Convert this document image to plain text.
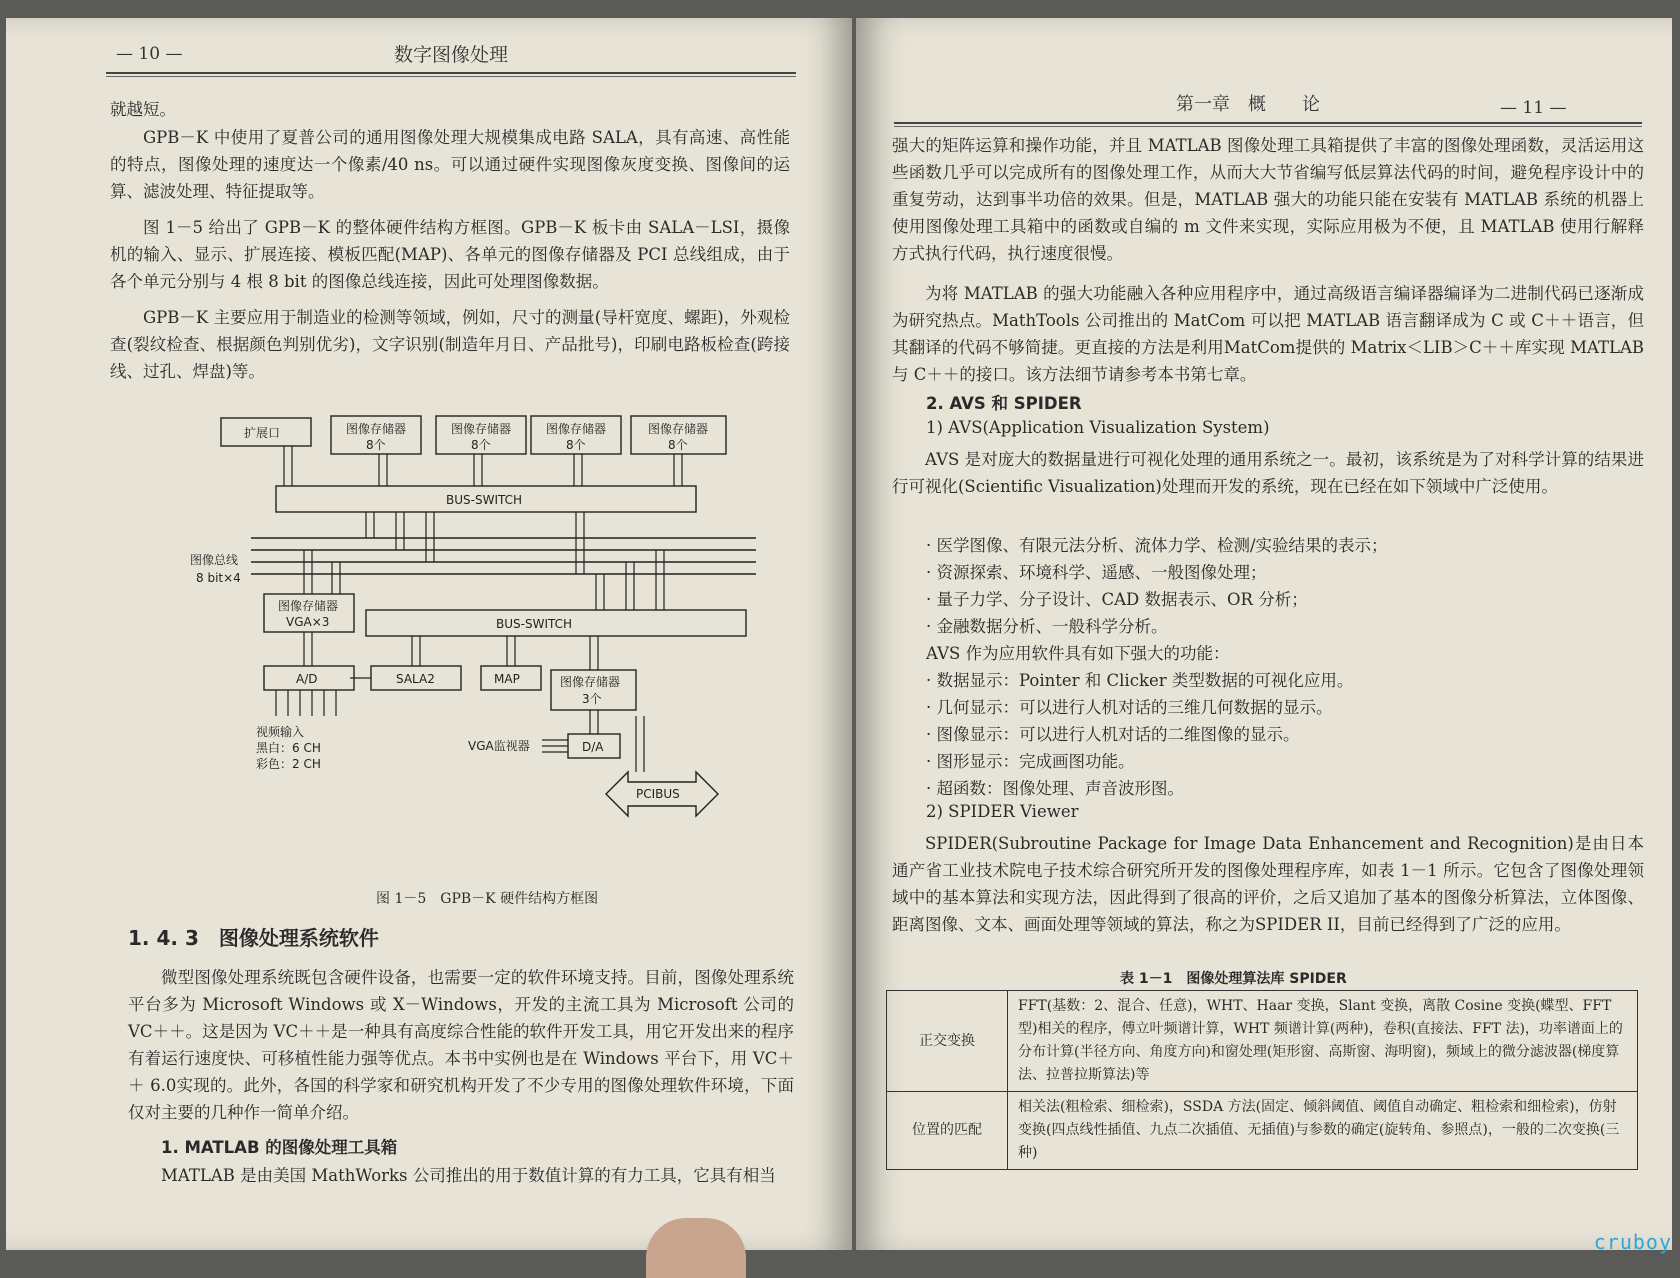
— 10 —	数字图像处理

就越短。

GPB－K 中使用了夏普公司的通用图像处理大规模集成电路 SALA，具有高速、高性能的特点，图像处理的速度达一个像素/40 ns。可以通过硬件实现图像灰度变换、图像间的运算、滤波处理、特征提取等。

图 1－5 给出了 GPB－K 的整体硬件结构方框图。GPB－K 板卡由 SALA－LSI，摄像机的输入、显示、扩展连接、模板匹配(MAP)、各单元的图像存储器及 PCI 总线组成，由于各个单元分别与 4 根 8 bit 的图像总线连接，因此可处理图像数据。

GPB－K 主要应用于制造业的检测等领域，例如，尺寸的测量(导杆宽度、螺距)，外观检查(裂纹检查、根据颜色判别优劣)，文字识别(制造年月日、产品批号)，印刷电路板检查(跨接线、过孔、焊盘)等。

扩展口	图像存储器
8个
图像存储器
8个
图像存储器
8个
图像存储器
8个
BUS-SWITCH
图像总线
8 bit×4
图像存储器
VGA×3	BUS-SWITCH
A/D	SALA2	MAP	图像存储器
3个
视频输入
黑白：6 CH
彩色：2 CH
VGA监视器	D/A
PCIBUS
图 1－5　GPB－K 硬件结构方框图
1. 4. 3　图像处理系统软件

微型图像处理系统既包含硬件设备，也需要一定的软件环境支持。目前，图像处理系统平台多为 Microsoft Windows 或 X－Windows，开发的主流工具为 Microsoft 公司的 VC＋＋。这是因为 VC＋＋是一种具有高度综合性能的软件开发工具，用它开发出来的程序有着运行速度快、可移植性能力强等优点。本书中实例也是在 Windows 平台下，用 VC＋＋ 6.0实现的。此外，各国的科学家和研究机构开发了不少专用的图像处理软件环境，下面仅对主要的几种作一简单介绍。

1. MATLAB 的图像处理工具箱

MATLAB 是由美国 MathWorks 公司推出的用于数值计算的有力工具，它具有相当

第一章　概　　论	— 11 —

强大的矩阵运算和操作功能，并且 MATLAB 图像处理工具箱提供了丰富的图像处理函数，灵活运用这些函数几乎可以完成所有的图像处理工作，从而大大节省编写低层算法代码的时间，避免程序设计中的重复劳动，达到事半功倍的效果。但是，MATLAB 强大的功能只能在安装有 MATLAB 系统的机器上使用图像处理工具箱中的函数或自编的 m 文件来实现，实际应用极为不便，且 MATLAB 使用行解释方式执行代码，执行速度很慢。

为将 MATLAB 的强大功能融入各种应用程序中，通过高级语言编译器编译为二进制代码已逐渐成为研究热点。MathTools 公司推出的 MatCom 可以把 MATLAB 语言翻译成为 C 或 C＋＋语言，但其翻译的代码不够简捷。更直接的方法是利用MatCom提供的 Matrix＜LIB＞C＋＋库实现 MATLAB 与 C＋＋的接口。该方法细节请参考本书第七章。

2. AVS 和 SPIDER

1) AVS(Application Visualization System)

AVS 是对庞大的数据量进行可视化处理的通用系统之一。最初，该系统是为了对科学计算的结果进行可视化(Scientific Visualization)处理而开发的系统，现在已经在如下领域中广泛使用。

· 医学图像、有限元法分析、流体力学、检测/实验结果的表示；

· 资源探索、环境科学、遥感、一般图像处理；

· 量子力学、分子设计、CAD 数据表示、OR 分析；

· 金融数据分析、一般科学分析。

AVS 作为应用软件具有如下强大的功能：

· 数据显示：Pointer 和 Clicker 类型数据的可视化应用。

· 几何显示：可以进行人机对话的三维几何数据的显示。

· 图像显示：可以进行人机对话的二维图像的显示。

· 图形显示：完成画图功能。

· 超函数：图像处理、声音波形图。

2) SPIDER Viewer

SPIDER(Subroutine Package for Image Data Enhancement and Recognition)是由日本通产省工业技术院电子技术综合研究所开发的图像处理程序库，如表 1－1 所示。它包含了图像处理领域中的基本算法和实现方法，因此得到了很高的评价，之后又追加了基本的图像分析算法，立体图像、距离图像、文本、画面处理等领域的算法，称之为SPIDER II，目前已经得到了广泛的应用。

表 1－1　图像处理算法库 SPIDER
正交变换	FFT(基数：2、混合、任意)，WHT、Haar 变换，Slant 变换，离散 Cosine 变换(蝶型、FFT 型)相关的程序，傅立叶频谱计算，WHT 频谱计算(两种)，卷积(直接法、FFT 法)，功率谱面上的分布计算(半径方向、角度方向)和窗处理(矩形窗、高斯窗、海明窗)，频域上的微分滤波器(梯度算法、拉普拉斯算法)等
位置的匹配	相关法(粗检索、细检索)，SSDA 方法(固定、倾斜阈值、阈值自动确定、粗检索和细检索)，仿射变换(四点线性插值、九点二次插值、无插值)与参数的确定(旋转角、参照点)，一般的二次变换(三种)
cruboy
